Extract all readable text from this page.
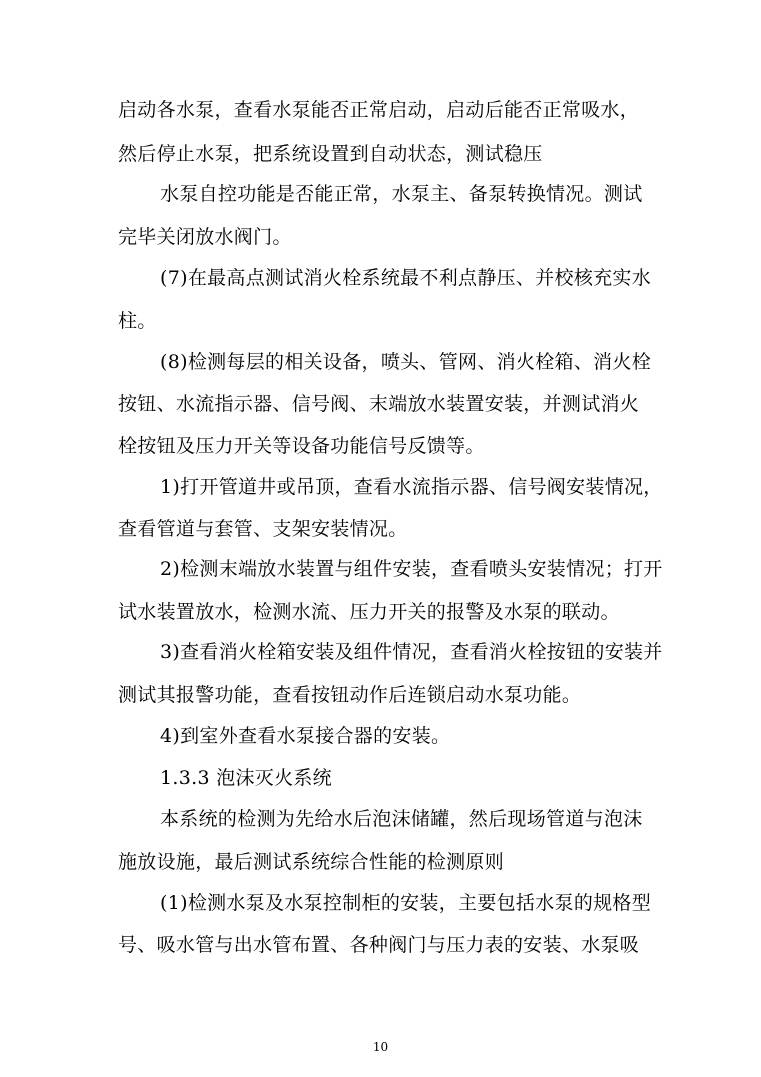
启动各水泵，查看水泵能否正常启动，启动后能否正常吸水，
然后停止水泵，把系统设置到自动状态，测试稳压
水泵自控功能是否能正常，水泵主、备泵转换情况。测试
完毕关闭放水阀门。
(7)在最高点测试消火栓系统最不利点静压、并校核充实水
柱。
(8)检测每层的相关设备，喷头、管网、消火栓箱、消火栓
按钮、水流指示器、信号阀、末端放水装置安装，并测试消火
栓按钮及压力开关等设备功能信号反馈等。
1)打开管道井或吊顶，查看水流指示器、信号阀安装情况，
查看管道与套管、支架安装情况。
2)检测末端放水装置与组件安装，查看喷头安装情况；打开
试水装置放水，检测水流、压力开关的报警及水泵的联动。
3)查看消火栓箱安装及组件情况，查看消火栓按钮的安装并
测试其报警功能，查看按钮动作后连锁启动水泵功能。
4)到室外查看水泵接合器的安装。
1.3.3 泡沫灭火系统
本系统的检测为先给水后泡沫储罐，然后现场管道与泡沫
施放设施，最后测试系统综合性能的检测原则
(1)检测水泵及水泵控制柜的安装，主要包括水泵的规格型
号、吸水管与出水管布置、各种阀门与压力表的安装、水泵吸
10
